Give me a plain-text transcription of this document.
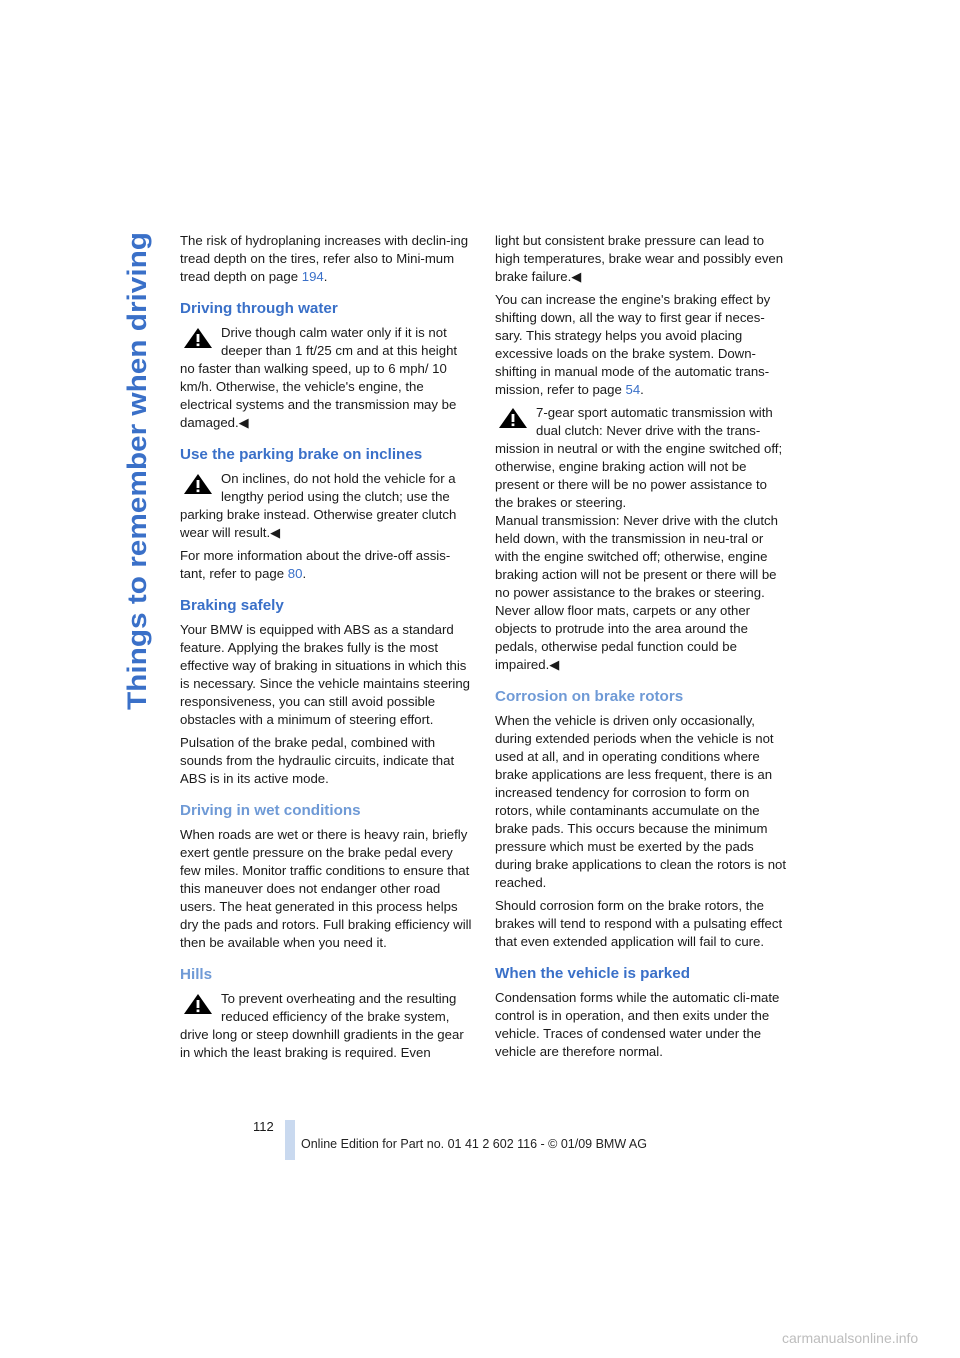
Things to remember when driving

The risk of hydroplaning increases with declin-ing tread depth on the tires, refer also to Mini-mum tread depth on page 194.

Driving through water
Drive though calm water only if it is not deeper than 1 ft/25 cm and at this height no faster than walking speed, up to 6 mph/ 10 km/h. Otherwise, the vehicle's engine, the electrical systems and the transmission may be damaged.◀
Use the parking brake on inclines
On inclines, do not hold the vehicle for a lengthy period using the clutch; use the parking brake instead. Otherwise greater clutch wear will result.◀

For more information about the drive-off assis-tant, refer to page 80.

Braking safely

Your BMW is equipped with ABS as a standard feature. Applying the brakes fully is the most effective way of braking in situations in which this is necessary. Since the vehicle maintains steering responsiveness, you can still avoid possible obstacles with a minimum of steering effort.

Pulsation of the brake pedal, combined with sounds from the hydraulic circuits, indicate that ABS is in its active mode.

Driving in wet conditions

When roads are wet or there is heavy rain, briefly exert gentle pressure on the brake pedal every few miles. Monitor traffic conditions to ensure that this maneuver does not endanger other road users. The heat generated in this process helps dry the pads and rotors. Full braking efficiency will then be available when you need it.

Hills
To prevent overheating and the resulting reduced efficiency of the brake system, drive long or steep downhill gradients in the gear in which the least braking is required. Even

light but consistent brake pressure can lead to high temperatures, brake wear and possibly even brake failure.◀

You can increase the engine's braking effect by shifting down, all the way to first gear if neces-sary. This strategy helps you avoid placing excessive loads on the brake system. Down-shifting in manual mode of the automatic trans-mission, refer to page 54.

7-gear sport automatic transmission with dual clutch: Never drive with the trans-mission in neutral or with the engine switched off; otherwise, engine braking action will not be present or there will be no power assistance to the brakes or steering.
Manual transmission: Never drive with the clutch held down, with the transmission in neu-tral or with the engine switched off; otherwise, engine braking action will not be present or there will be no power assistance to the brakes or steering.
Never allow floor mats, carpets or any other objects to protrude into the area around the pedals, otherwise pedal function could be impaired.◀
Corrosion on brake rotors

When the vehicle is driven only occasionally, during extended periods when the vehicle is not used at all, and in operating conditions where brake applications are less frequent, there is an increased tendency for corrosion to form on rotors, while contaminants accumulate on the brake pads. This occurs because the minimum pressure which must be exerted by the pads during brake applications to clean the rotors is not reached.

Should corrosion form on the brake rotors, the brakes will tend to respond with a pulsating effect that even extended application will fail to cure.

When the vehicle is parked

Condensation forms while the automatic cli-mate control is in operation, and then exits under the vehicle. Traces of condensed water under the vehicle are therefore normal.

112
Online Edition for Part no. 01 41 2 602 116 - © 01/09 BMW AG
carmanualsonline.info
